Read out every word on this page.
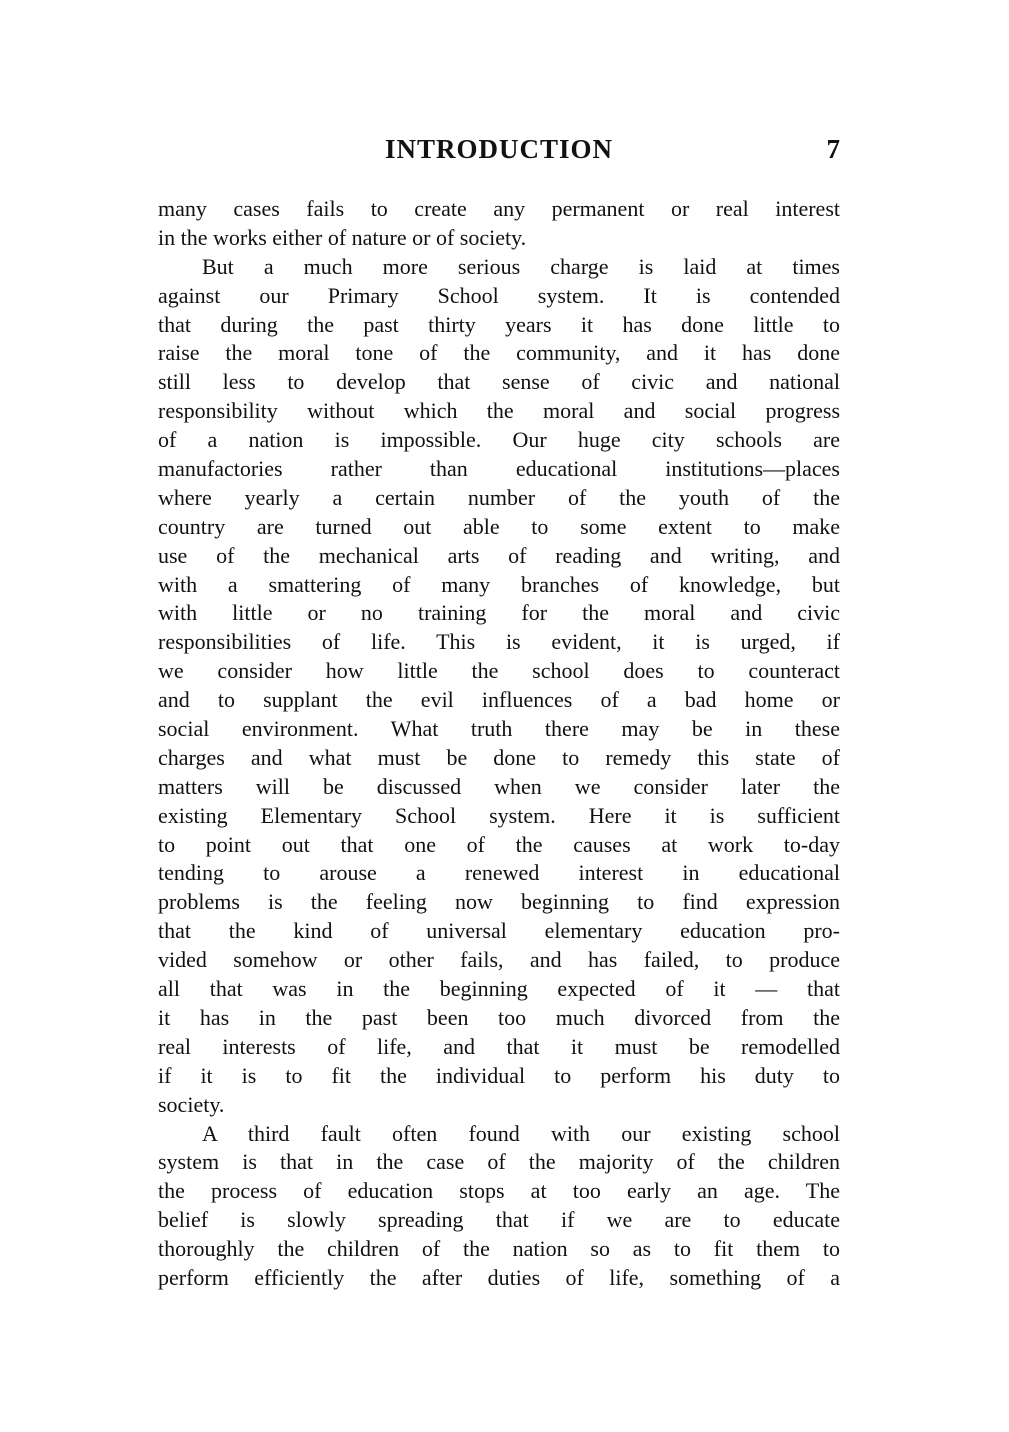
INTRODUCTION	7
many cases fails to create any permanent or real interest
in the works either of nature or of society.
But a much more serious charge is laid at times
against our Primary School system. It is contended
that during the past thirty years it has done little to
raise the moral tone of the community, and it has done
still less to develop that sense of civic and national
responsibility without which the moral and social progress
of a nation is impossible. Our huge city schools are
manufactories rather than educational institutions—places
where yearly a certain number of the youth of the
country are turned out able to some extent to make
use of the mechanical arts of reading and writing, and
with a smattering of many branches of knowledge, but
with little or no training for the moral and civic
responsibilities of life. This is evident, it is urged, if
we consider how little the school does to counteract
and to supplant the evil influences of a bad home or
social environment. What truth there may be in these
charges and what must be done to remedy this state of
matters will be discussed when we consider later the
existing Elementary School system. Here it is sufficient
to point out that one of the causes at work to-day
tending to arouse a renewed interest in educational
problems is the feeling now beginning to find expression
that the kind of universal elementary education pro-
vided somehow or other fails, and has failed, to produce
all that was in the beginning expected of it — that
it has in the past been too much divorced from the
real interests of life, and that it must be remodelled
if it is to fit the individual to perform his duty to
society.
A third fault often found with our existing school
system is that in the case of the majority of the children
the process of education stops at too early an age. The
belief is slowly spreading that if we are to educate
thoroughly the children of the nation so as to fit them to
perform efficiently the after duties of life, something of a
